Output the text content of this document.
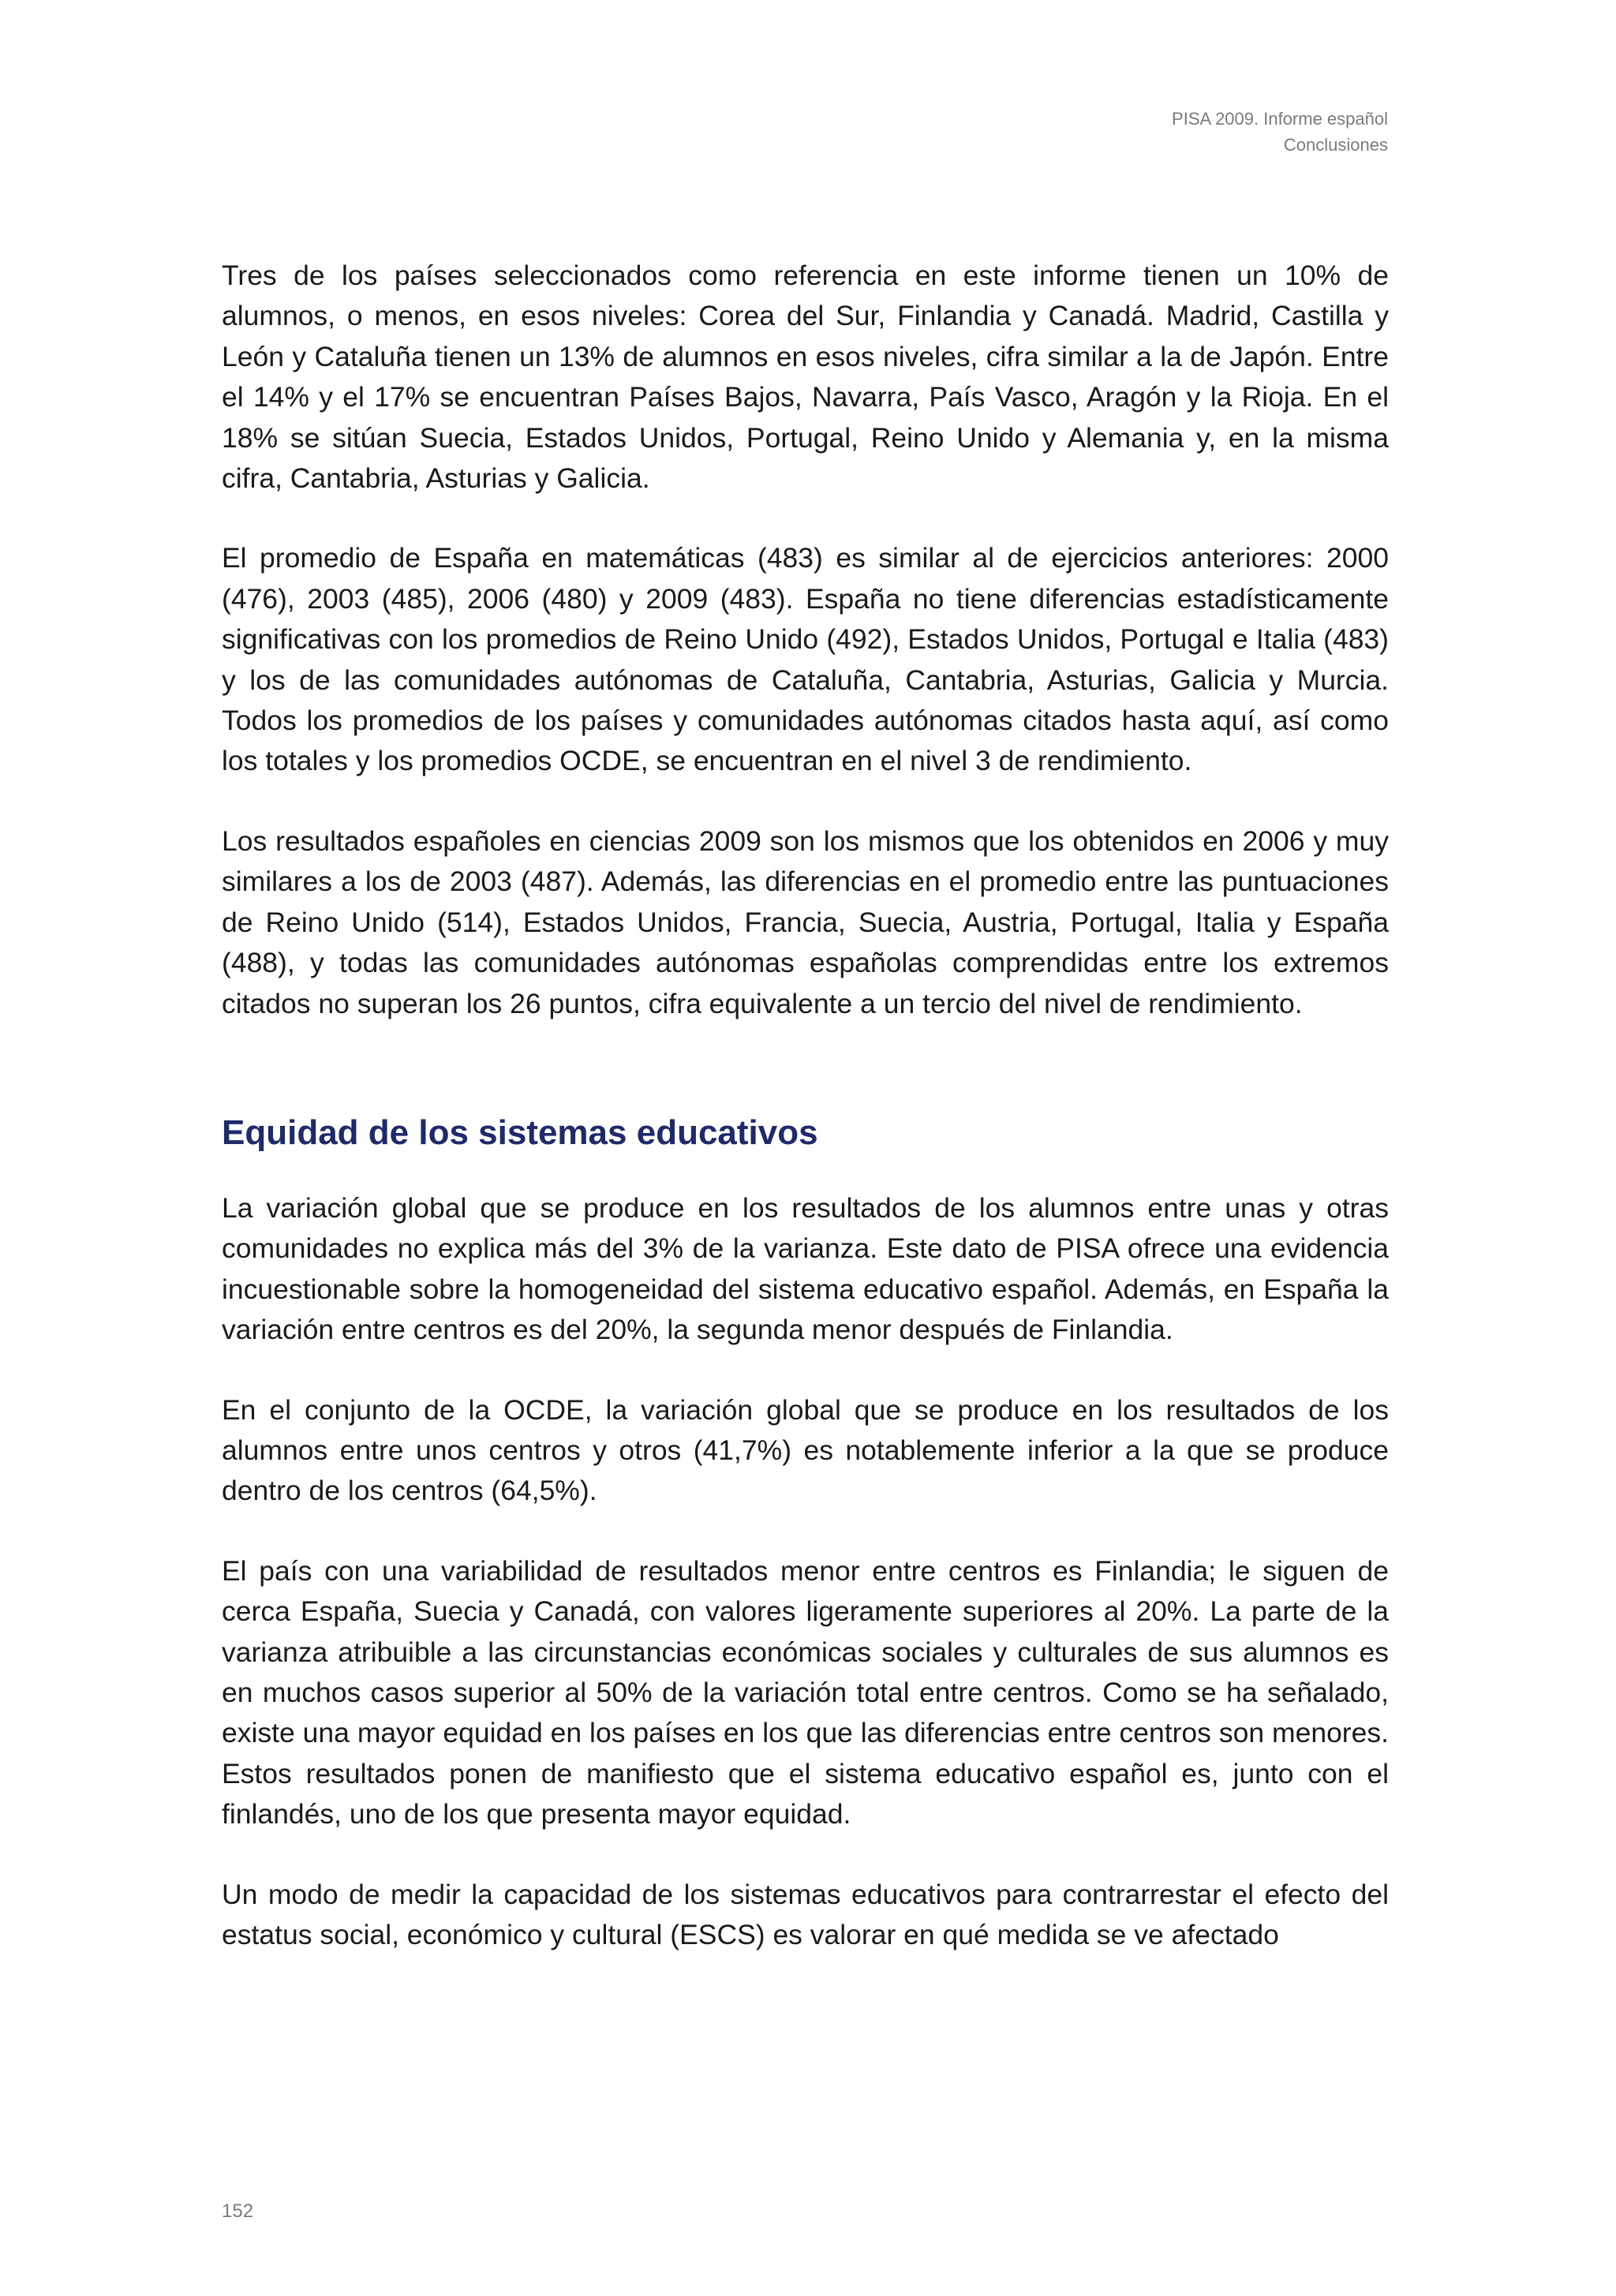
PISA 2009. Informe español
Conclusiones

Tres de los países seleccionados como referencia en este informe tienen un 10% de alumnos, o menos, en esos niveles: Corea del Sur, Finlandia y Canadá. Madrid, Castilla y León y Cataluña tienen un 13% de alumnos en esos niveles, cifra similar a la de Japón. Entre el 14% y el 17% se encuentran Países Bajos, Navarra, País Vasco, Aragón y la Rioja. En el 18% se sitúan Suecia, Estados Unidos, Portugal, Reino Unido y Alemania y, en la misma cifra, Cantabria, Asturias y Galicia.

El promedio de España en matemáticas (483) es similar al de ejercicios anteriores: 2000 (476), 2003 (485), 2006 (480) y 2009 (483). España no tiene diferencias estadísticamente significativas con los promedios de Reino Unido (492), Estados Unidos, Portugal e Italia (483) y los de las comunidades autónomas de Cataluña, Cantabria, Asturias, Galicia y Murcia. Todos los promedios de los países y comunidades autónomas citados hasta aquí, así como los totales y los promedios OCDE, se encuentran en el nivel 3 de rendimiento.

Los resultados españoles en ciencias 2009 son los mismos que los obtenidos en 2006 y muy similares a los de 2003 (487). Además, las diferencias en el promedio entre las puntuaciones de Reino Unido (514), Estados Unidos, Francia, Suecia, Austria, Portugal, Italia y España (488), y todas las comunidades autónomas españolas comprendidas entre los extremos citados no superan los 26 puntos, cifra equivalente a un tercio del nivel de rendimiento.

Equidad de los sistemas educativos

La variación global que se produce en los resultados de los alumnos entre unas y otras comunidades no explica más del 3% de la varianza. Este dato de PISA ofrece una evidencia incuestionable sobre la homogeneidad del sistema educativo español. Además, en España la variación entre centros es del 20%, la segunda menor después de Finlandia.

En el conjunto de la OCDE, la variación global que se produce en los resultados de los alumnos entre unos centros y otros (41,7%) es notablemente inferior a la que se produce dentro de los centros (64,5%).

El país con una variabilidad de resultados menor entre centros es Finlandia; le siguen de cerca España, Suecia y Canadá, con valores ligeramente superiores al 20%. La parte de la varianza atribuible a las circunstancias económicas sociales y culturales de sus alumnos es en muchos casos superior al 50% de la variación total entre centros. Como se ha señalado, existe una mayor equidad en los países en los que las diferencias entre centros son menores. Estos resultados ponen de manifiesto que el sistema educativo español es, junto con el finlandés, uno de los que presenta mayor equidad.

Un modo de medir la capacidad de los sistemas educativos para contrarrestar el efecto del estatus social, económico y cultural (ESCS) es valorar en qué medida se ve afectado

152
